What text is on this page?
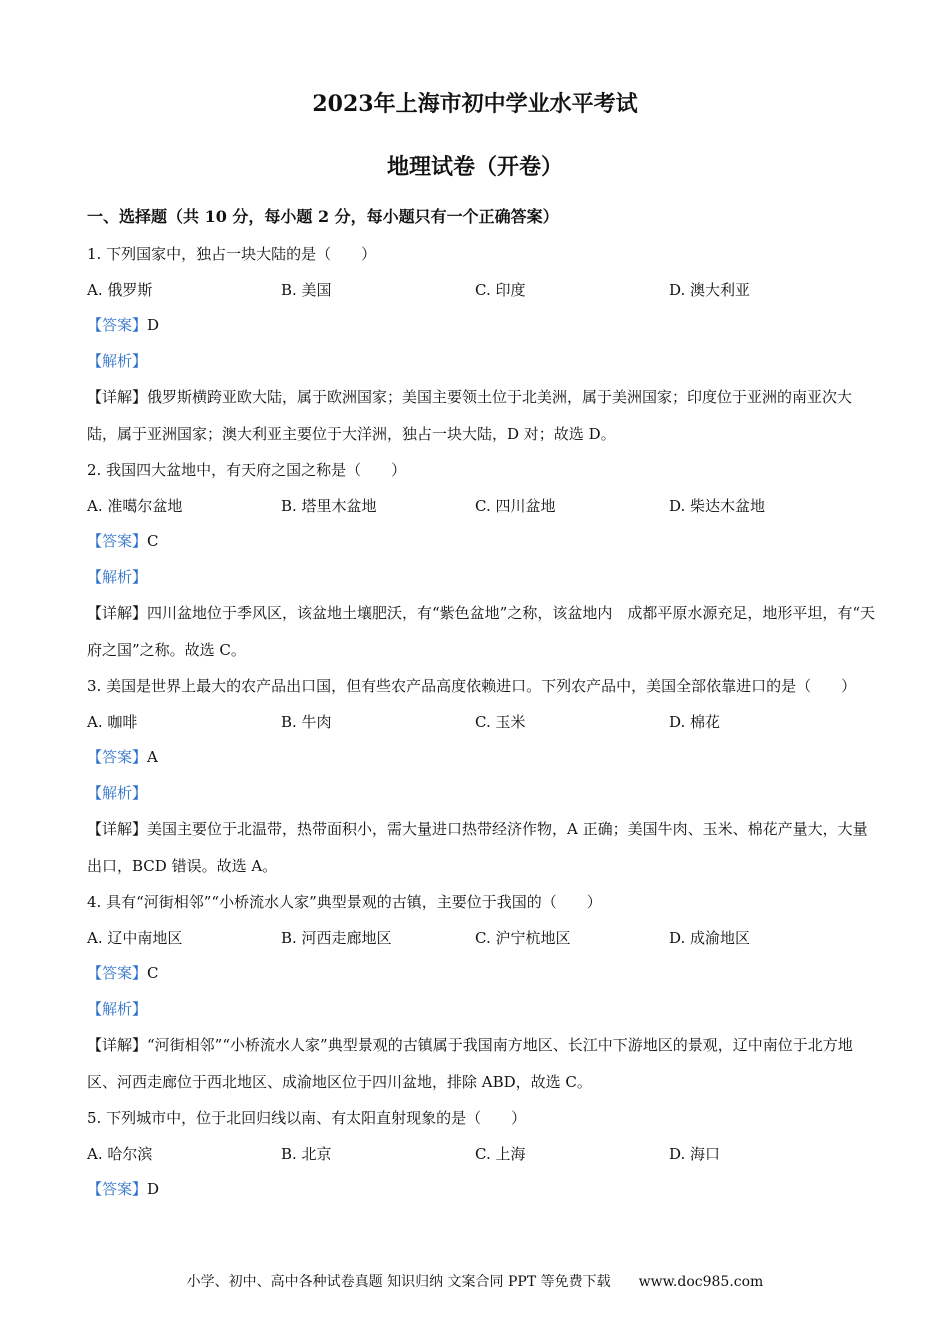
2023年上海市初中学业水平考试
地理试卷（开卷）
一、选择题（共 10 分，每小题 2 分，每小题只有一个正确答案）
1. 下列国家中，独占一块大陆的是（　　）
A. 俄罗斯	B. 美国	C. 印度	D. 澳大利亚
【答案】D
【解析】
【详解】俄罗斯横跨亚欧大陆，属于欧洲国家；美国主要领土位于北美洲，属于美洲国家；印度位于亚洲的南亚次大陆，属于亚洲国家；澳大利亚主要位于大洋洲，独占一块大陆，D 对；故选 D。
2. 我国四大盆地中，有天府之国之称是（　　）
A. 准噶尔盆地	B. 塔里木盆地	C. 四川盆地	D. 柴达木盆地
【答案】C
【解析】
【详解】四川盆地位于季风区，该盆地土壤肥沃，有“紫色盆地”之称，该盆地内　成都平原水源充足，地形平坦，有“天府之国”之称。故选 C。
3. 美国是世界上最大的农产品出口国，但有些农产品高度依赖进口。下列农产品中，美国全部依靠进口的是（　　）
A. 咖啡	B. 牛肉	C. 玉米	D. 棉花
【答案】A
【解析】
【详解】美国主要位于北温带，热带面积小，需大量进口热带经济作物，A 正确；美国牛肉、玉米、棉花产量大，大量出口，BCD 错误。故选 A。
4. 具有“河街相邻”“小桥流水人家”典型景观的古镇，主要位于我国的（　　）
A. 辽中南地区	B. 河西走廊地区	C. 沪宁杭地区	D. 成渝地区
【答案】C
【解析】
【详解】“河街相邻”“小桥流水人家”典型景观的古镇属于我国南方地区、长江中下游地区的景观，辽中南位于北方地区、河西走廊位于西北地区、成渝地区位于四川盆地，排除 ABD，故选 C。
5. 下列城市中，位于北回归线以南、有太阳直射现象的是（　　）
A. 哈尔滨	B. 北京	C. 上海	D. 海口
【答案】D
小学、初中、高中各种试卷真题 知识归纳 文案合同 PPT 等免费下载 www.doc985.com
